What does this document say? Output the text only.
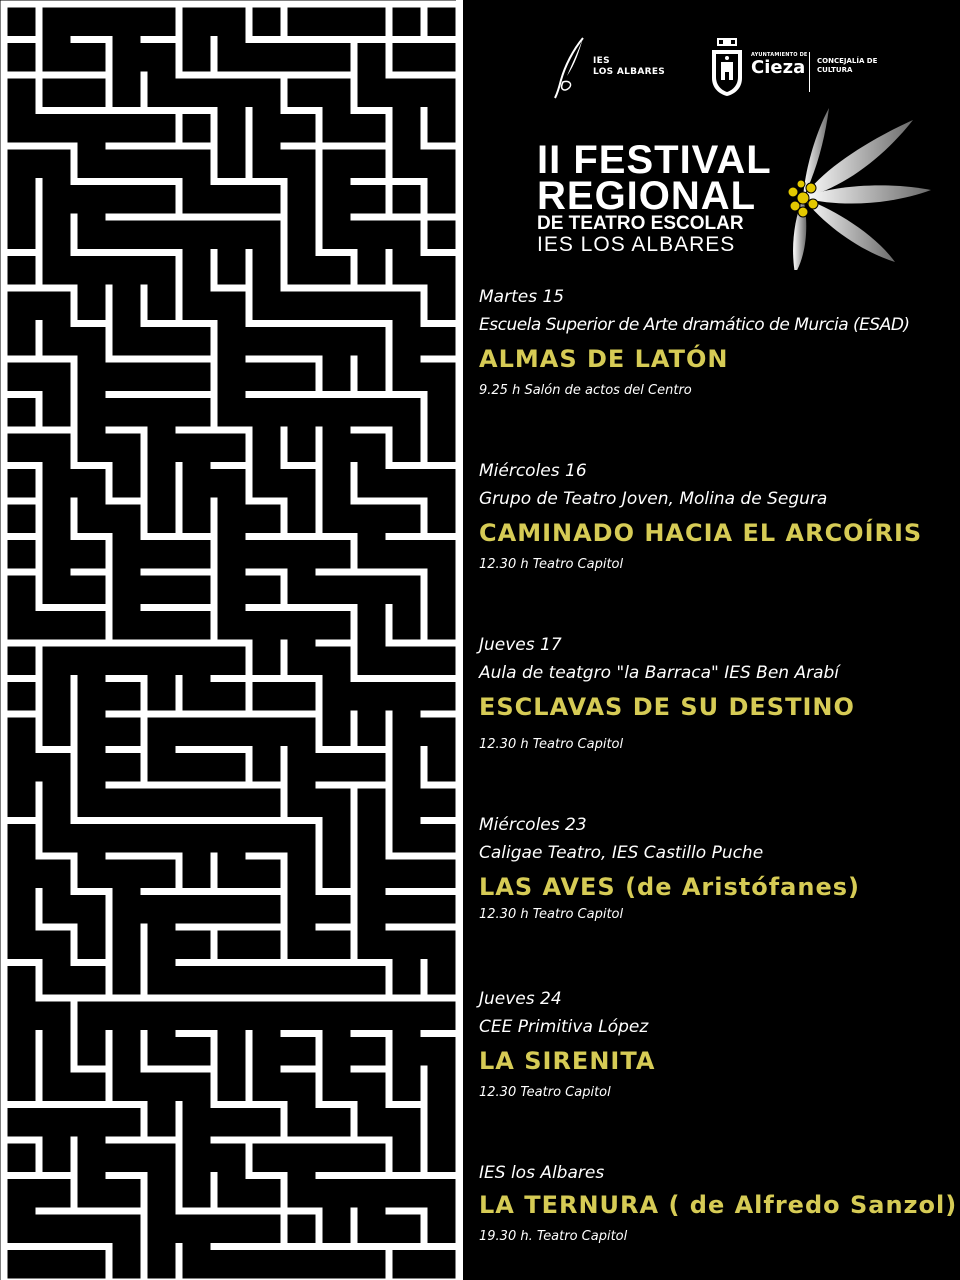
IES
LOS ALBARES
AYUNTAMIENTO DE
Cieza CONCEJALÍA DE
CULTURA
II FESTIVAL
REGIONAL
DE TEATRO ESCOLAR
IES LOS ALBARES
Martes 15
Escuela Superior de Arte dramático de Murcia (ESAD)
ALMAS DE LATÓN
9.25 h Salón de actos del Centro
Miércoles 16
Grupo de Teatro Joven, Molina de Segura
CAMINADO HACIA EL ARCOÍRIS
12.30 h Teatro Capitol
Jueves 17
Aula de teatgro "la Barraca" IES Ben Arabí
ESCLAVAS DE SU DESTINO
12.30 h Teatro Capitol
Miércoles 23
Caligae Teatro, IES Castillo Puche
LAS AVES (de Aristófanes)
12.30 h Teatro Capitol
Jueves 24
CEE Primitiva López
LA SIRENITA
12.30 Teatro Capitol
IES los Albares
LA TERNURA ( de Alfredo Sanzol)
19.30 h. Teatro Capitol
